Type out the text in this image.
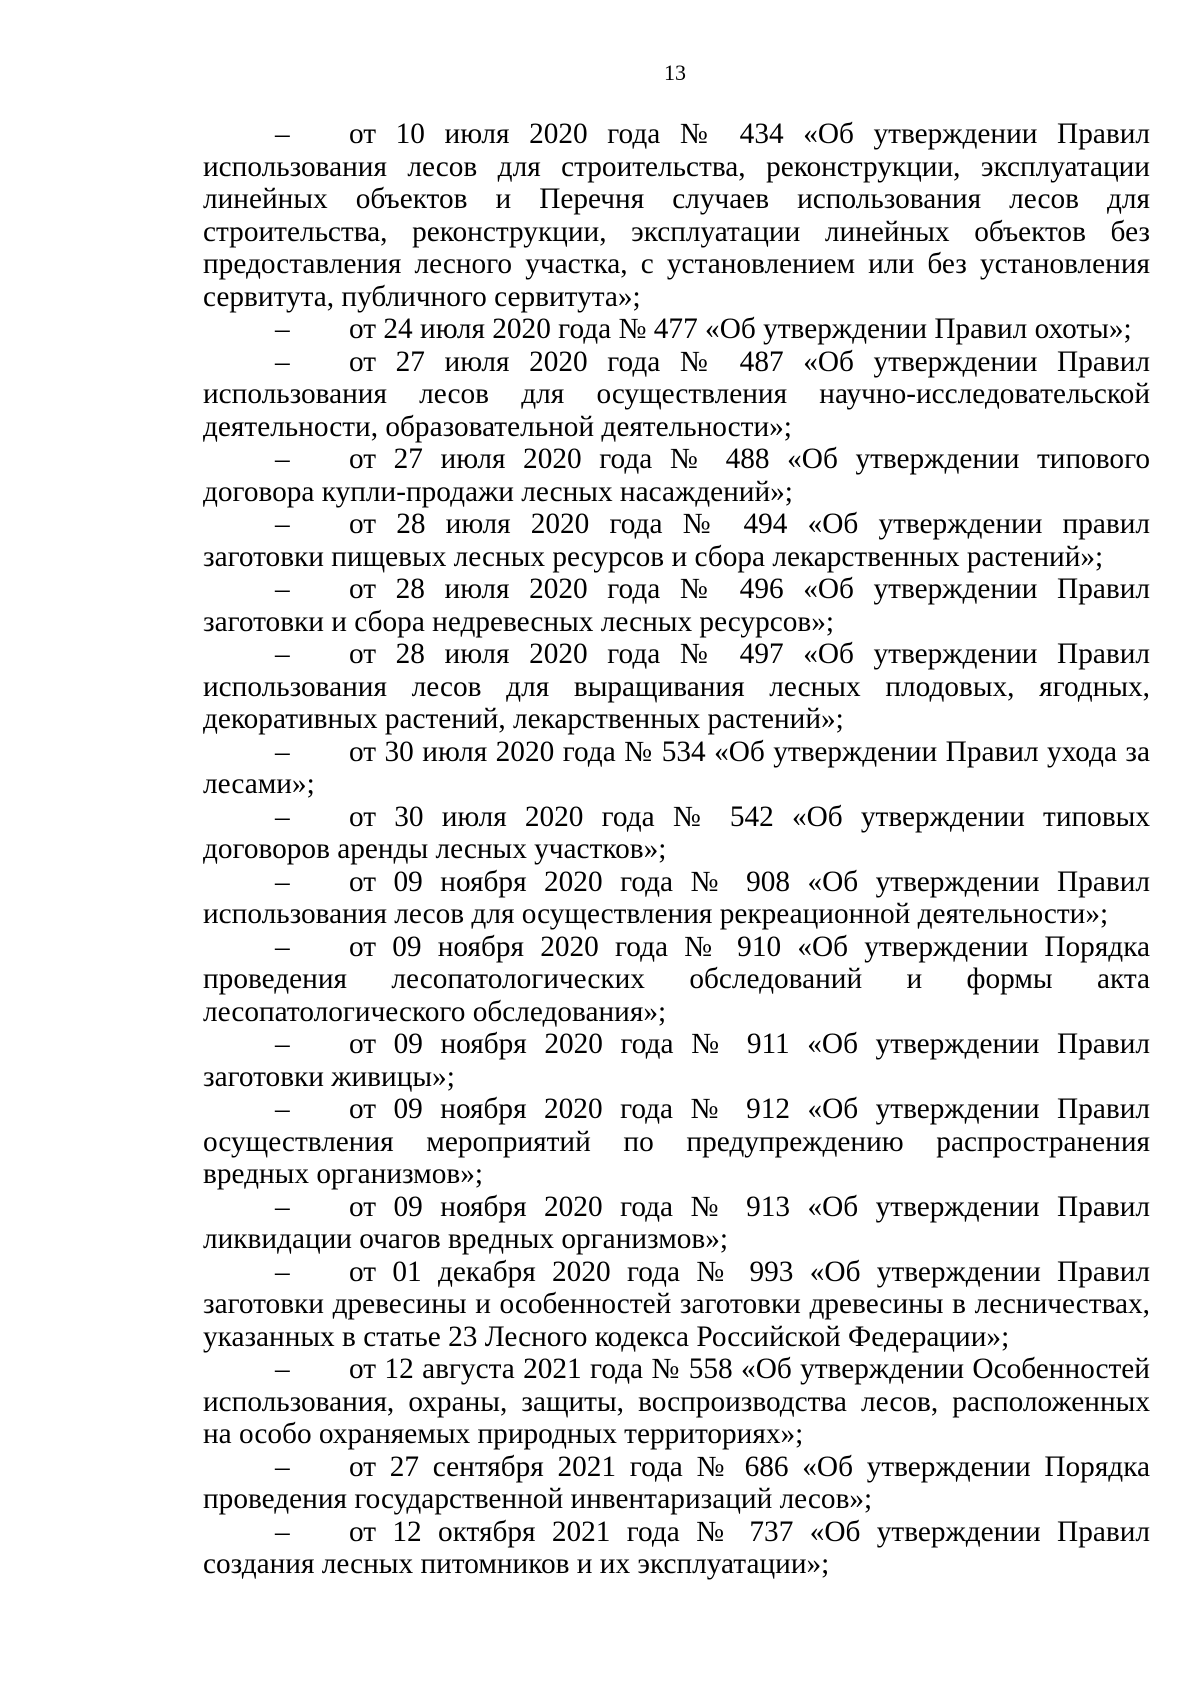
13

– от 10 июля 2020 года № 434 «Об утверждении Правил использования лесов для строительства, реконструкции, эксплуатации линейных объектов и Перечня случаев использования лесов для строительства, реконструкции, эксплуатации линейных объектов без предоставления лесного участка, с установлением или без установления сервитута, публичного сервитута»;

– от 24 июля 2020 года № 477 «Об утверждении Правил охоты»;

– от 27 июля 2020 года № 487 «Об утверждении Правил использования лесов для осуществления научно-исследовательской деятельности, образовательной деятельности»;

– от 27 июля 2020 года № 488 «Об утверждении типового договора купли-продажи лесных насаждений»;

– от 28 июля 2020 года № 494 «Об утверждении правил заготовки пищевых лесных ресурсов и сбора лекарственных растений»;

– от 28 июля 2020 года № 496 «Об утверждении Правил заготовки и сбора недревесных лесных ресурсов»;

– от 28 июля 2020 года № 497 «Об утверждении Правил использования лесов для выращивания лесных плодовых, ягодных, декоративных растений, лекарственных растений»;

– от 30 июля 2020 года № 534 «Об утверждении Правил ухода за лесами»;

– от 30 июля 2020 года № 542 «Об утверждении типовых договоров аренды лесных участков»;

– от 09 ноября 2020 года № 908 «Об утверждении Правил использования лесов для осуществления рекреационной деятельности»;

– от 09 ноября 2020 года № 910 «Об утверждении Порядка проведения лесопатологических обследований и формы акта лесопатологического обследования»;

– от 09 ноября 2020 года № 911 «Об утверждении Правил заготовки живицы»;

– от 09 ноября 2020 года № 912 «Об утверждении Правил осуществления мероприятий по предупреждению распространения вредных организмов»;

– от 09 ноября 2020 года № 913 «Об утверждении Правил ликвидации очагов вредных организмов»;

– от 01 декабря 2020 года № 993 «Об утверждении Правил заготовки древесины и особенностей заготовки древесины в лесничествах, указанных в статье 23 Лесного кодекса Российской Федерации»;

– от 12 августа 2021 года № 558 «Об утверждении Особенностей использования, охраны, защиты, воспроизводства лесов, расположенных на особо охраняемых природных территориях»;

– от 27 сентября 2021 года № 686 «Об утверждении Порядка проведения государственной инвентаризаций лесов»;

– от 12 октября 2021 года № 737 «Об утверждении Правил создания лесных питомников и их эксплуатации»;
